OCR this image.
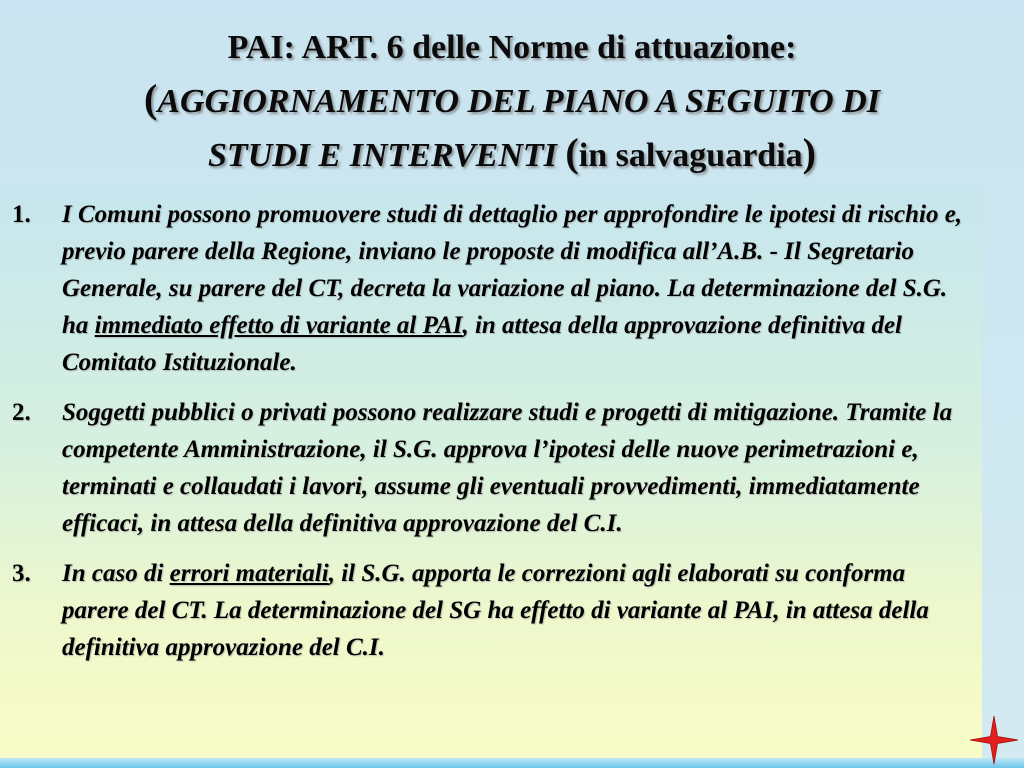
PAI: ART. 6 delle Norme di attuazione:
(AGGIORNAMENTO DEL PIANO A SEGUITO DI
STUDI E INTERVENTI (in salvaguardia)
1. I Comuni possono promuovere studi di dettaglio per approfondire le ipotesi di rischio e, previo parere della Regione, inviano le proposte di modifica all’A.B. - Il Segretario Generale, su parere del CT, decreta la variazione al piano. La determinazione del S.G. ha immediato effetto di variante al PAI, in attesa della approvazione definitiva del Comitato Istituzionale.
2. Soggetti pubblici o privati possono realizzare studi e progetti di mitigazione. Tramite la competente Amministrazione, il S.G. approva l’ipotesi delle nuove perimetrazioni e, terminati e collaudati i lavori, assume gli eventuali provvedimenti, immediatamente efficaci, in attesa della definitiva approvazione del C.I.
3. In caso di errori materiali, il S.G. apporta le correzioni agli elaborati su conforma parere del CT. La determinazione del SG ha effetto di variante al PAI, in attesa della definitiva approvazione del C.I.
